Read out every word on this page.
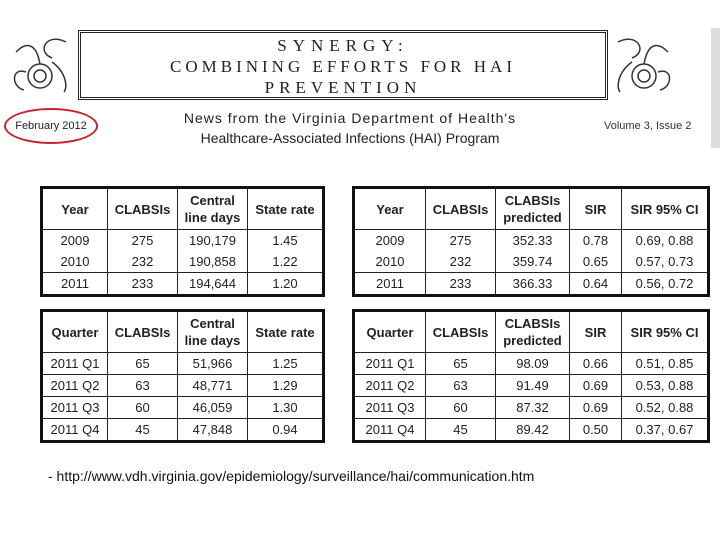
SYNERGY:
COMBINING EFFORTS FOR HAI
PREVENTION
February 2012	News from the Virginia Department of Health's
Healthcare-Associated Infections (HAI) Program
Volume 3, Issue 2
Year	CLABSIs	Central line days	State rate
2009	275	190,179	1.45
2010	232	190,858	1.22
2011	233	194,644	1.20
Quarter	CLABSIs	Central line days	State rate
2011 Q1	65	51,966	1.25
2011 Q2	63	48,771	1.29
2011 Q3	60	46,059	1.30
2011 Q4	45	47,848	0.94
Year	CLABSIs	CLABSIs predicted	SIR	SIR 95% CI
2009	275	352.33	0.78	0.69, 0.88
2010	232	359.74	0.65	0.57, 0.73
2011	233	366.33	0.64	0.56, 0.72
Quarter	CLABSIs	CLABSIs predicted	SIR	SIR 95% CI
2011 Q1	65	98.09	0.66	0.51, 0.85
2011 Q2	63	91.49	0.69	0.53, 0.88
2011 Q3	60	87.32	0.69	0.52, 0.88
2011 Q4	45	89.42	0.50	0.37, 0.67
- http://www.vdh.virginia.gov/epidemiology/surveillance/hai/communication.htm
